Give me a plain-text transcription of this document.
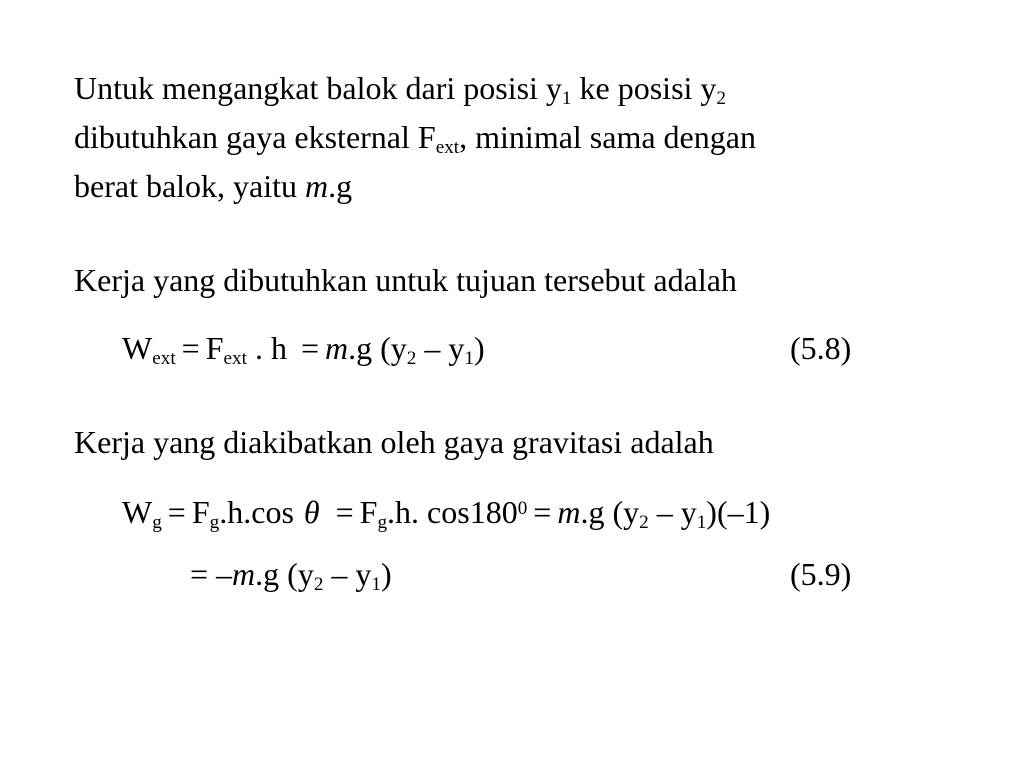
Untuk mengangkat balok dari posisi $y_1$ ke posisi $y_2$
dibutuhkan gaya eksternal $F_{ext}$, minimal sama dengan
berat balok, yaitu m.g
Kerja yang dibutuhkan untuk tujuan tersebut adalah
$W_{ext} = F_{ext}$ . h = m.g $(y_2 - y_1)$	(5.8)
Kerja yang diakibatkan oleh gaya gravitasi adalah
$W_g = F_g.h.\cos$ $\theta = F_g.h$. $\cos 180^0 = m.g$ $(y_2 - y_1)(-1)$
= –m.g $(y_2 - y_1)$	(5.9)
